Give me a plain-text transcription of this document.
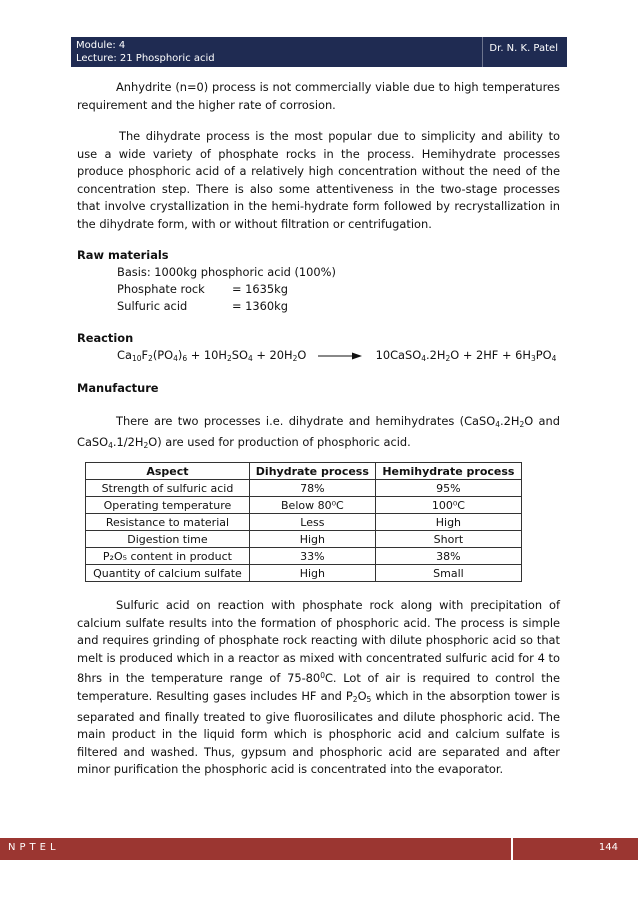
Module: 4
Lecture: 21 Phosphoric acid
Dr. N. K. Patel
Anhydrite (n=0) process is not commercially viable due to high temperatures requirement and the higher rate of corrosion.
The dihydrate process is the most popular due to simplicity and ability to use a wide variety of phosphate rocks in the process. Hemihydrate processes produce phosphoric acid of a relatively high concentration without the need of the concentration step. There is also some attentiveness in the two-stage processes that involve crystallization in the hemi-hydrate form followed by recrystallization in the dihydrate form, with or without filtration or centrifugation.
Raw materials
Basis: 1000kg phosphoric acid (100%)
Phosphate rock = 1635kg
Sulfuric acid	= 1360kg
Reaction
$Ca_{10}F_2(PO_4)_6 + 10H_2SO_4 + 20H_2O$ → $10CaSO_4.2H_2O + 2HF + 6H_3PO_4$
Manufacture
There are two processes i.e. dihydrate and hemihydrates ($CaSO_4.2H_2O$ and $CaSO_4.1/2H_2O$) are used for production of phosphoric acid.
Aspect	Dihydrate process	Hemihydrate process
Strength of sulfuric acid	78%	95%
Operating temperature	Below 80⁰C	100⁰C
Resistance to material	Less	High
Digestion time	High	Short
P₂O₅ content in product	33%	38%
Quantity of calcium sulfate	High	Small
Sulfuric acid on reaction with phosphate rock along with precipitation of calcium sulfate results into the formation of phosphoric acid. The process is simple and requires grinding of phosphate rock reacting with dilute phosphoric acid so that melt is produced which in a reactor as mixed with concentrated sulfuric acid for 4 to 8hrs in the temperature range of $75-80^0C$. Lot of air is required to control the temperature. Resulting gases includes HF and $P_2O_5$ which in the absorption tower is separated and finally treated to give fluorosilicates and dilute phosphoric acid. The main product in the liquid form which is phosphoric acid and calcium sulfate is filtered and washed. Thus, gypsum and phosphoric acid are separated and after minor purification the phosphoric acid is concentrated into the evaporator.
NPTEL	144
